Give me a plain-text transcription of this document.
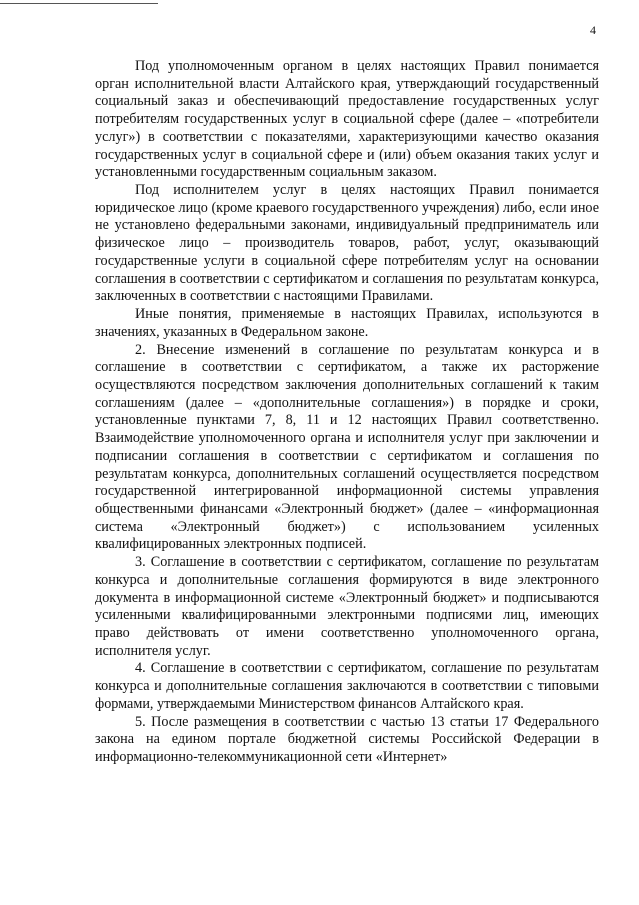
4

Под уполномоченным органом в целях настоящих Правил понимается орган исполнительной власти Алтайского края, утверждающий государственный социальный заказ и обеспечивающий предоставление государственных услуг потребителям государственных услуг в социальной сфере (далее – «потребители услуг») в соответствии с показателями, характеризующими качество оказания государственных услуг в социальной сфере и (или) объем оказания таких услуг и установленными государственным социальным заказом.

Под исполнителем услуг в целях настоящих Правил понимается юридическое лицо (кроме краевого государственного учреждения) либо, если иное не установлено федеральными законами, индивидуальный предприниматель или физическое лицо – производитель товаров, работ, услуг, оказывающий государственные услуги в социальной сфере потребителям услуг на основании соглашения в соответствии с сертификатом и соглашения по результатам конкурса, заключенных в соответствии с настоящими Правилами.

Иные понятия, применяемые в настоящих Правилах, используются в значениях, указанных в Федеральном законе.

2. Внесение изменений в соглашение по результатам конкурса и в соглашение в соответствии с сертификатом, а также их расторжение осуществляются посредством заключения дополнительных соглашений к таким соглашениям (далее – «дополнительные соглашения») в порядке и сроки, установленные пунктами 7, 8, 11 и 12 настоящих Правил соответственно. Взаимодействие уполномоченного органа и исполнителя услуг при заключении и подписании соглашения в соответствии с сертификатом и соглашения по результатам конкурса, дополнительных соглашений осуществляется посредством государственной интегрированной информационной системы управления общественными финансами «Электронный бюджет» (далее – «информационная система «Электронный бюджет») с использованием усиленных квалифицированных электронных подписей.

3. Соглашение в соответствии с сертификатом, соглашение по результатам конкурса и дополнительные соглашения формируются в виде электронного документа в информационной системе «Электронный бюджет» и подписываются усиленными квалифицированными электронными подписями лиц, имеющих право действовать от имени соответственно уполномоченного органа, исполнителя услуг.

4. Соглашение в соответствии с сертификатом, соглашение по результатам конкурса и дополнительные соглашения заключаются в соответствии с типовыми формами, утверждаемыми Министерством финансов Алтайского края.

5. После размещения в соответствии с частью 13 статьи 17 Федерального закона на едином портале бюджетной системы Российской Федерации в информационно-телекоммуникационной сети «Интернет»
